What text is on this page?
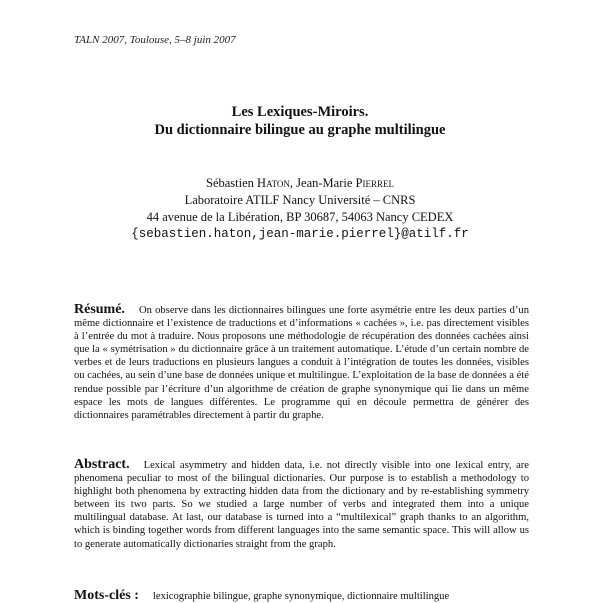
TALN 2007, Toulouse, 5–8 juin 2007
Les Lexiques-Miroirs.
Du dictionnaire bilingue au graphe multilingue
Sébastien Haton, Jean-Marie Pierrel
Laboratoire ATILF Nancy Université – CNRS
44 avenue de la Libération, BP 30687, 54063 Nancy CEDEX
{sebastien.haton,jean-marie.pierrel}@atilf.fr
Résumé. On observe dans les dictionnaires bilingues une forte asymétrie entre les deux parties d’un même dictionnaire et l’existence de traductions et d’informations « cachées », i.e. pas directement visibles à l’entrée du mot à traduire. Nous proposons une méthodologie de récupération des données cachées ainsi que la « symétrisation » du dictionnaire grâce à un traitement automatique. L’étude d’un certain nombre de verbes et de leurs traductions en plusieurs langues a conduit à l’intégration de toutes les données, visibles ou cachées, au sein d’une base de données unique et multilingue. L’exploitation de la base de données a été rendue possible par l’écriture d’un algorithme de création de graphe synonymique qui lie dans un même espace les mots de langues différentes. Le programme qui en découle permettra de générer des dictionnaires paramétrables directement à partir du graphe.
Abstract. Lexical asymmetry and hidden data, i.e. not directly visible into one lexical entry, are phenomena peculiar to most of the bilingual dictionaries. Our purpose is to establish a methodology to highlight both phenomena by extracting hidden data from the dictionary and by re-establishing symmetry between its two parts. So we studied a large number of verbs and integrated them into a unique multilingual database. At last, our database is turned into a “multilexical” graph thanks to an algorithm, which is binding together words from different languages into the same semantic space. This will allow us to generate automatically dictionaries straight from the graph.
Mots-clés : lexicographie bilingue, graphe synonymique, dictionnaire multilingue
